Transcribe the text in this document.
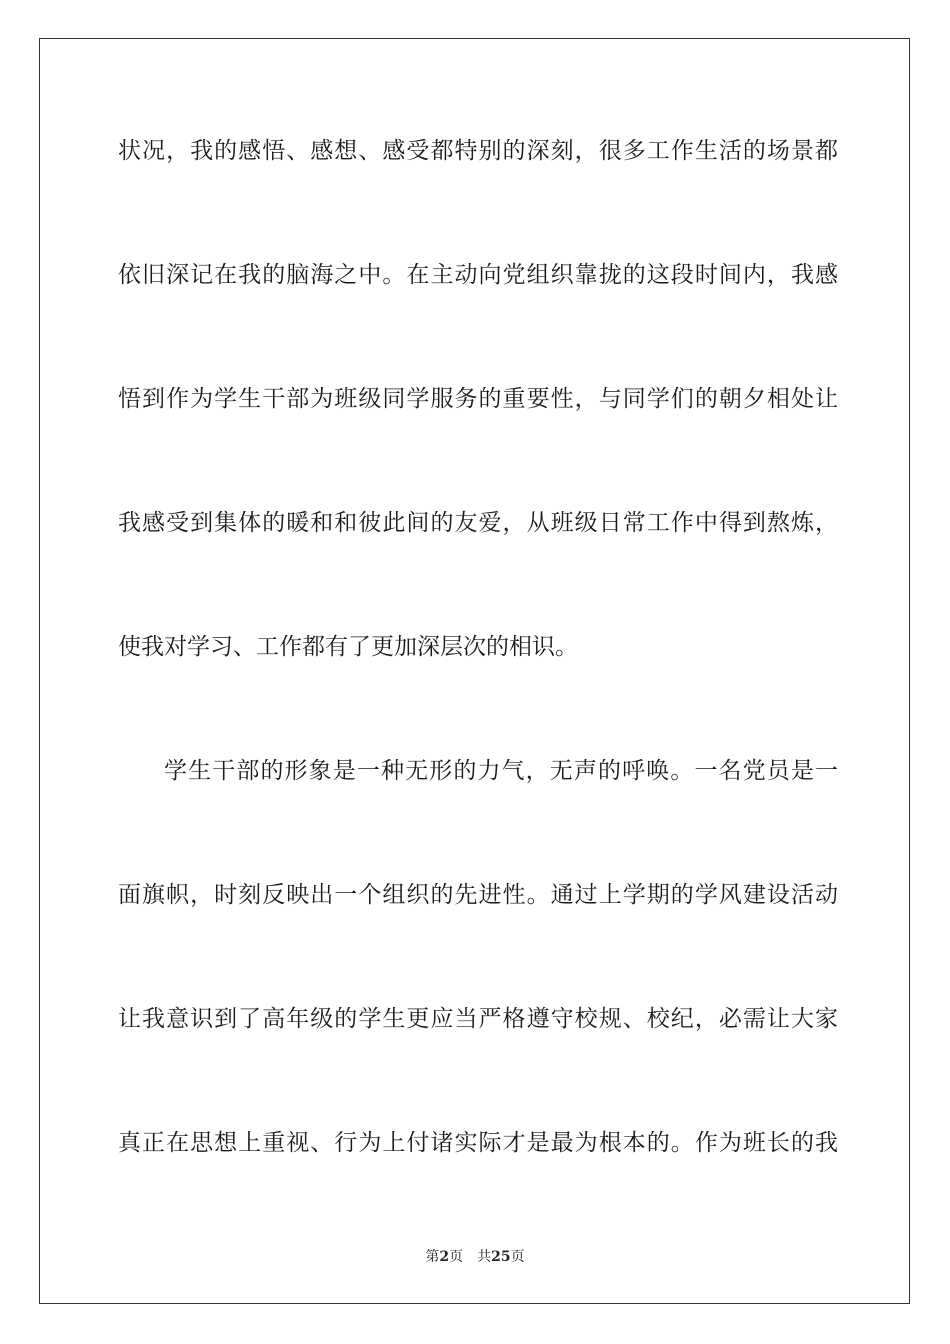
状况，我的感悟、感想、感受都特别的深刻，很多工作生活的场景都
依旧深记在我的脑海之中。在主动向党组织靠拢的这段时间内，我感
悟到作为学生干部为班级同学服务的重要性，与同学们的朝夕相处让
我感受到集体的暖和和彼此间的友爱，从班级日常工作中得到熬炼，
使我对学习、工作都有了更加深层次的相识。
学生干部的形象是一种无形的力气，无声的呼唤。一名党员是一
面旗帜，时刻反映出一个组织的先进性。通过上学期的学风建设活动
让我意识到了高年级的学生更应当严格遵守校规、校纪，必需让大家
真正在思想上重视、行为上付诸实际才是最为根本的。作为班长的我
第2页 共25页
